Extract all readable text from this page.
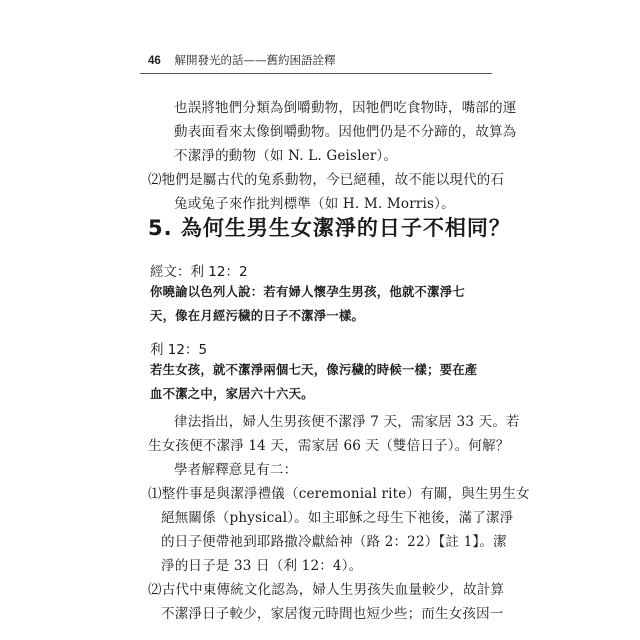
46 解開發光的話——舊約困語詮釋
也誤將牠們分類為倒嚼動物，因牠們吃食物時，嘴部的運
動表面看來太像倒嚼動物。因他們仍是不分蹄的，故算為
不潔淨的動物（如 N. L. Geisler）。
⑵牠們是屬古代的兔系動物，今已絕種，故不能以現代的石
兔或兔子來作批判標準（如 H. M. Morris）。
5. 為何生男生女潔淨的日子不相同？
經文：利 12：2
你曉諭以色列人說：若有婦人懷孕生男孩，他就不潔淨七
天，像在月經污穢的日子不潔淨一樣。
利 12：5
若生女孩，就不潔淨兩個七天，像污穢的時候一樣；要在產
血不潔之中，家居六十六天。
律法指出，婦人生男孩便不潔淨 7 天，需家居 33 天。若
生女孩便不潔淨 14 天，需家居 66 天（雙倍日子）。何解？
學者解釋意見有二：
⑴整件事是與潔淨禮儀（ceremonial rite）有關，與生男生女
絕無關係（physical）。如主耶穌之母生下祂後，滿了潔淨
的日子便帶祂到耶路撒冷獻給神（路 2：22）【註 1】。潔
淨的日子是 33 日（利 12：4）。
⑵古代中東傳統文化認為，婦人生男孩失血量較少，故計算
不潔淨日子較少，家居復元時間也短少些；而生女孩因一
